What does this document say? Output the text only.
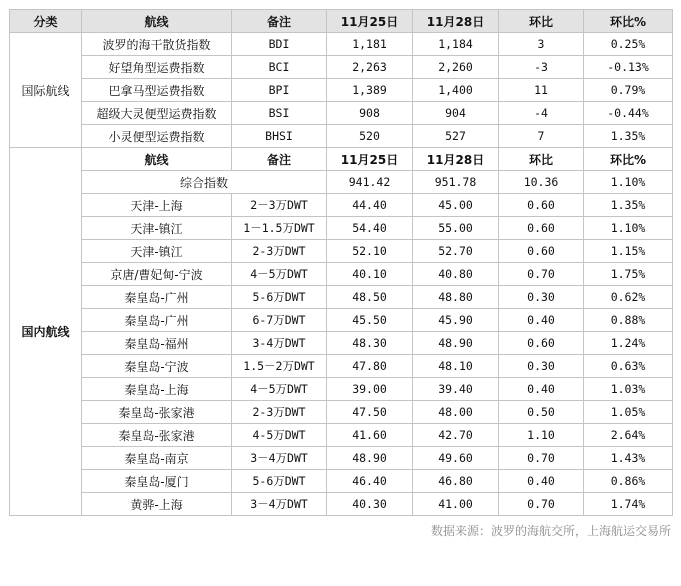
分类	航线	备注	11月25日	11月28日	环比	环比%
国际航线	波罗的海干散货指数	BDI	1,181	1,184	3	0.25%
	好望角型运费指数	BCI	2,263	2,260	-3	-0.13%
	巴拿马型运费指数	BPI	1,389	1,400	11	0.79%
	超级大灵便型运费指数	BSI	908	904	-4	-0.44%
	小灵便型运费指数	BHSI	520	527	7	1.35%
国内航线	航线	备注	11月25日	11月28日	环比	环比%
	综合指数		941.42	951.78	10.36	1.10%
	天津-上海	2－3万DWT	44.40	45.00	0.60	1.35%
	天津-镇江	1－1.5万DWT	54.40	55.00	0.60	1.10%
	天津-镇江	2-3万DWT	52.10	52.70	0.60	1.15%
	京唐/曹妃甸-宁波	4－5万DWT	40.10	40.80	0.70	1.75%
	秦皇岛-广州	5-6万DWT	48.50	48.80	0.30	0.62%
	秦皇岛-广州	6-7万DWT	45.50	45.90	0.40	0.88%
	秦皇岛-福州	3-4万DWT	48.30	48.90	0.60	1.24%
	秦皇岛-宁波	1.5－2万DWT	47.80	48.10	0.30	0.63%
	秦皇岛-上海	4－5万DWT	39.00	39.40	0.40	1.03%
	秦皇岛-张家港	2-3万DWT	47.50	48.00	0.50	1.05%
	秦皇岛-张家港	4-5万DWT	41.60	42.70	1.10	2.64%
	秦皇岛-南京	3－4万DWT	48.90	49.60	0.70	1.43%
	秦皇岛-厦门	5-6万DWT	46.40	46.80	0.40	0.86%
	黄骅-上海	3－4万DWT	40.30	41.00	0.70	1.74%
数据来源：波罗的海航交所，上海航运交易所
